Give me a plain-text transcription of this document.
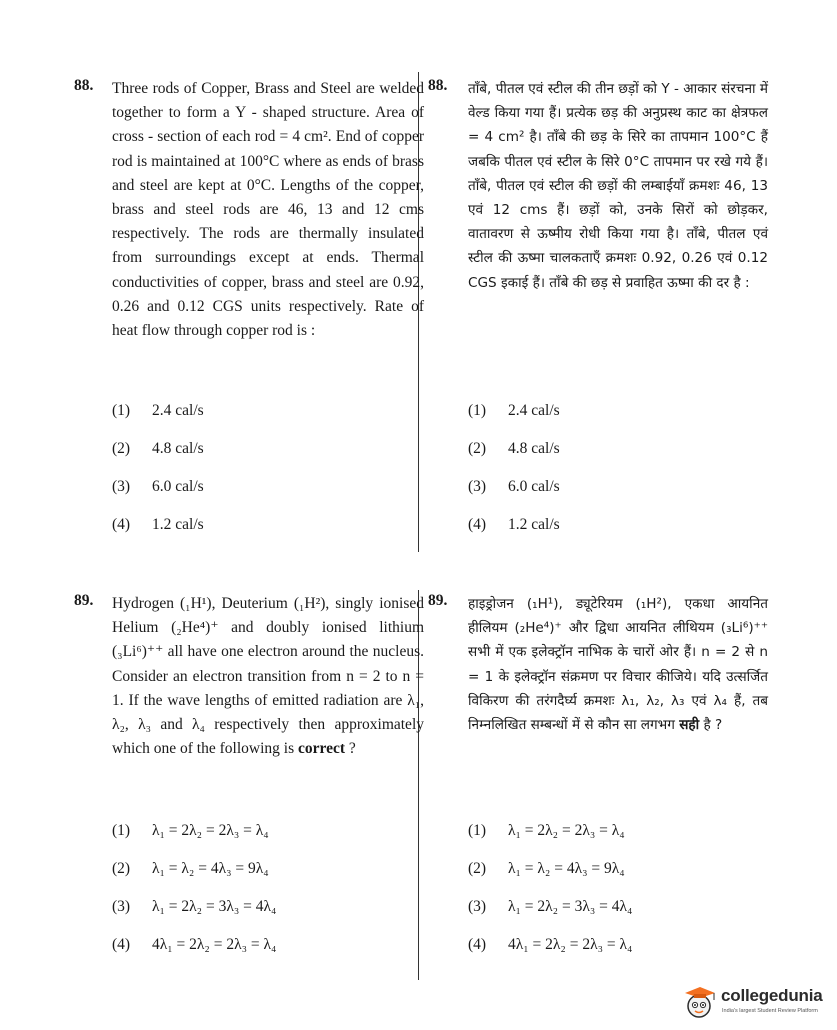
88. Three rods of Copper, Brass and Steel are welded together to form a Y - shaped structure. Area of cross - section of each rod = 4 cm². End of copper rod is maintained at 100°C where as ends of brass and steel are kept at 0°C. Lengths of the copper, brass and steel rods are 46, 13 and 12 cms respectively. The rods are thermally insulated from surroundings except at ends. Thermal conductivities of copper, brass and steel are 0.92, 0.26 and 0.12 CGS units respectively. Rate of heat flow through copper rod is :
(1) 2.4 cal/s
(2) 4.8 cal/s
(3) 6.0 cal/s
(4) 1.2 cal/s
88. ताँबे, पीतल एवं स्टील की तीन छड़ों को Y - आकार संरचना में वेल्ड किया गया हैं। प्रत्येक छड़ की अनुप्रस्थ काट का क्षेत्रफल = 4 cm² है। ताँबे की छड़ के सिरे का तापमान 100°C हैं जबकि पीतल एवं स्टील के सिरे 0°C तापमान पर रखे गये हैं। ताँबे, पीतल एवं स्टील की छड़ों की लम्बाईयाँ क्रमशः 46, 13 एवं 12 cms हैं। छड़ों को, उनके सिरों को छोड़कर, वातावरण से ऊष्मीय रोधी किया गया है। ताँबे, पीतल एवं स्टील की ऊष्मा चालकताएँ क्रमशः 0.92, 0.26 एवं 0.12 CGS इकाई हैं। ताँबे की छड़ से प्रवाहित ऊष्मा की दर है :
(1) 2.4 cal/s
(2) 4.8 cal/s
(3) 6.0 cal/s
(4) 1.2 cal/s
89. Hydrogen (₁H¹), Deuterium (₁H²), singly ionised Helium (₂He⁴)⁺ and doubly ionised lithium (₃Li⁶)⁺⁺ all have one electron around the nucleus. Consider an electron transition from n = 2 to n = 1. If the wave lengths of emitted radiation are λ₁, λ₂, λ₃ and λ₄ respectively then approximately which one of the following is correct ?
(1) λ₁ = 2λ₂ = 2λ₃ = λ₄
(2) λ₁ = λ₂ = 4λ₃ = 9λ₄
(3) λ₁ = 2λ₂ = 3λ₃ = 4λ₄
(4) 4λ₁ = 2λ₂ = 2λ₃ = λ₄
89. हाइड्रोजन (₁H¹), ड्यूटेरियम (₁H²), एकधा आयनित हीलियम (₂He⁴)⁺ और द्विधा आयनित लीथियम (₃Li⁶)⁺⁺ सभी में एक इलेक्ट्रॉन नाभिक के चारों ओर हैं। n = 2 से n = 1 के इलेक्ट्रॉन संक्रमण पर विचार कीजिये। यदि उत्सर्जित विकिरण की तरंगदैर्घ्य क्रमशः λ₁, λ₂, λ₃ एवं λ₄ हैं, तब निम्नलिखित सम्बन्धों में से कौन सा लगभग सही है ?
(1) λ₁ = 2λ₂ = 2λ₃ = λ₄
(2) λ₁ = λ₂ = 4λ₃ = 9λ₄
(3) λ₁ = 2λ₂ = 3λ₃ = 4λ₄
(4) 4λ₁ = 2λ₂ = 2λ₃ = λ₄
collegedunia
India's largest Student Review Platform
